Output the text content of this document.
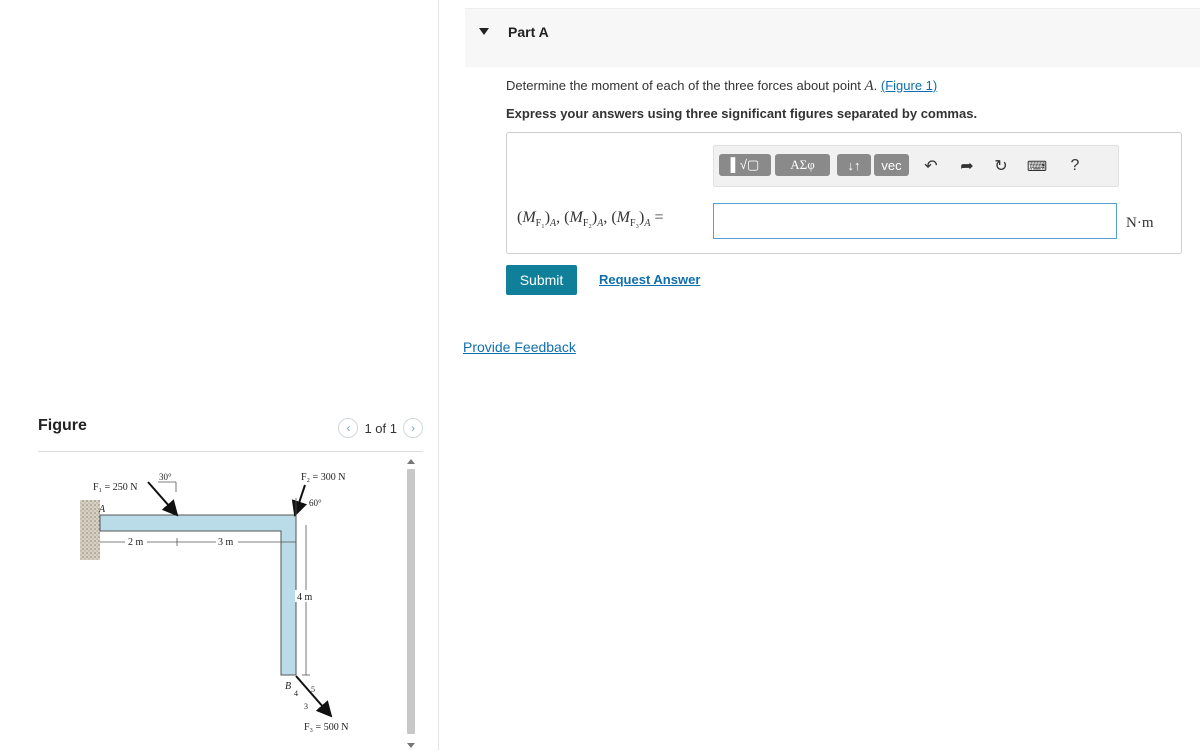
Figure	‹	1 of 1	›
A
F₁ = 250 N
30°
2 m	3 m
F₂ = 300 N
60°
4 m
B
4
3
5
F₃ = 500 N
Part A
Determine the moment of each of the three forces about point A. (Figure 1)
Express your answers using three significant figures separated by commas.
▌√▢	ΑΣφ	↓↑	vec	↶ ➦ ↻	⌨	?
$(M_{F_1})_A$, $(M_{F_2})_A$, $(M_{F_3})_A$ =	N·m
Submit	Request Answer
Provide Feedback
